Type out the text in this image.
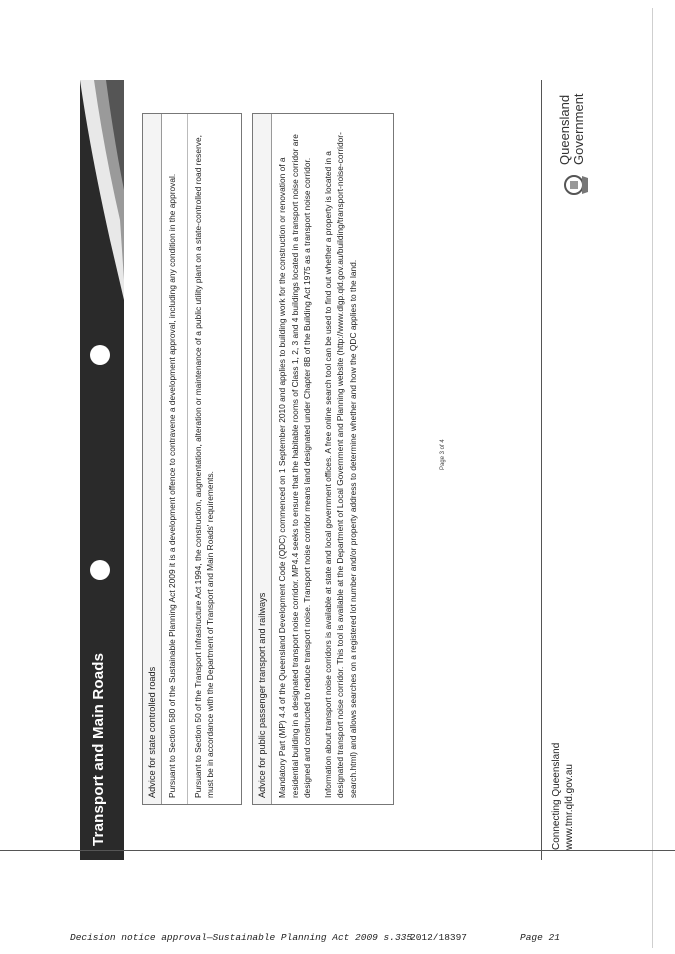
Transport and Main Roads	Advice for state controlled roads	Pursuant to Section 580 of the Sustainable Planning Act 2009 it is a development offence to contravene a development approval, including any condition in the approval.	Pursuant to Section 50 of the Transport Infrastructure Act 1994, the construction, augmentation, alteration or maintenance of a public utility plant on a state-controlled road reserve, must be in accordance with the Department of Transport and Main Roads' requirements.	Advice for public passenger transport and railways	Mandatory Part (MP) 4.4 of the Queensland Development Code (QDC) commenced on 1 September 2010 and applies to building work for the construction or renovation of a residential building in a designated transport noise corridor. MP4.4 seeks to ensure that the habitable rooms of Class 1, 2, 3 and 4 buildings located in a transport noise corridor are designed and constructed to reduce transport noise. Transport noise corridor means land designated under Chapter 8B of the Building Act 1975 as a transport noise corridor.	Information about transport noise corridors is available at state and local government offices. A free online search tool can be used to find out whether a property is located in a designated transport noise corridor. This tool is available at the Department of Local Government and Planning website (http://www.dlgp.qld.gov.au/building/transport-noise-corridor-search.html) and allows searches on a registered lot number and/or property address to determine whether and how the QDC applies to the land.	Page 3 of 4
Connecting Queensland www.tmr.qld.gov.au
Queensland Government
Decision notice approval—Sustainable Planning Act 2009 s.335
2012/18397	Page 21
